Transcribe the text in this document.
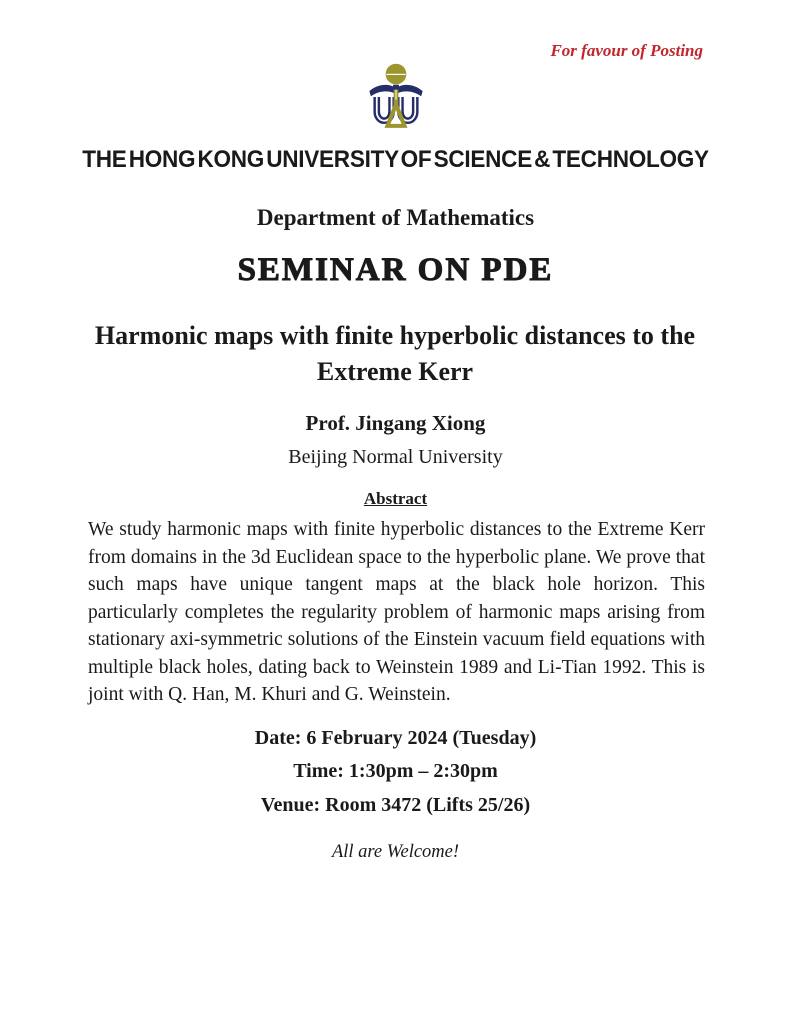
For favour of Posting
THE HONG KONG UNIVERSITY OF SCIENCE & TECHNOLOGY
Department of Mathematics
SEMINAR ON PDE
Harmonic maps with finite hyperbolic distances to the Extreme Kerr
Prof. Jingang Xiong
Beijing Normal University
Abstract
We study harmonic maps with finite hyperbolic distances to the Extreme Kerr from domains in the 3d Euclidean space to the hyperbolic plane. We prove that such maps have unique tangent maps at the black hole horizon. This particularly completes the regularity problem of harmonic maps arising from stationary axi-symmetric solutions of the Einstein vacuum field equations with multiple black holes, dating back to Weinstein 1989 and Li-Tian 1992. This is joint with Q. Han, M. Khuri and G. Weinstein.
Date: 6 February 2024 (Tuesday)
Time: 1:30pm – 2:30pm
Venue: Room 3472 (Lifts 25/26)
All are Welcome!
